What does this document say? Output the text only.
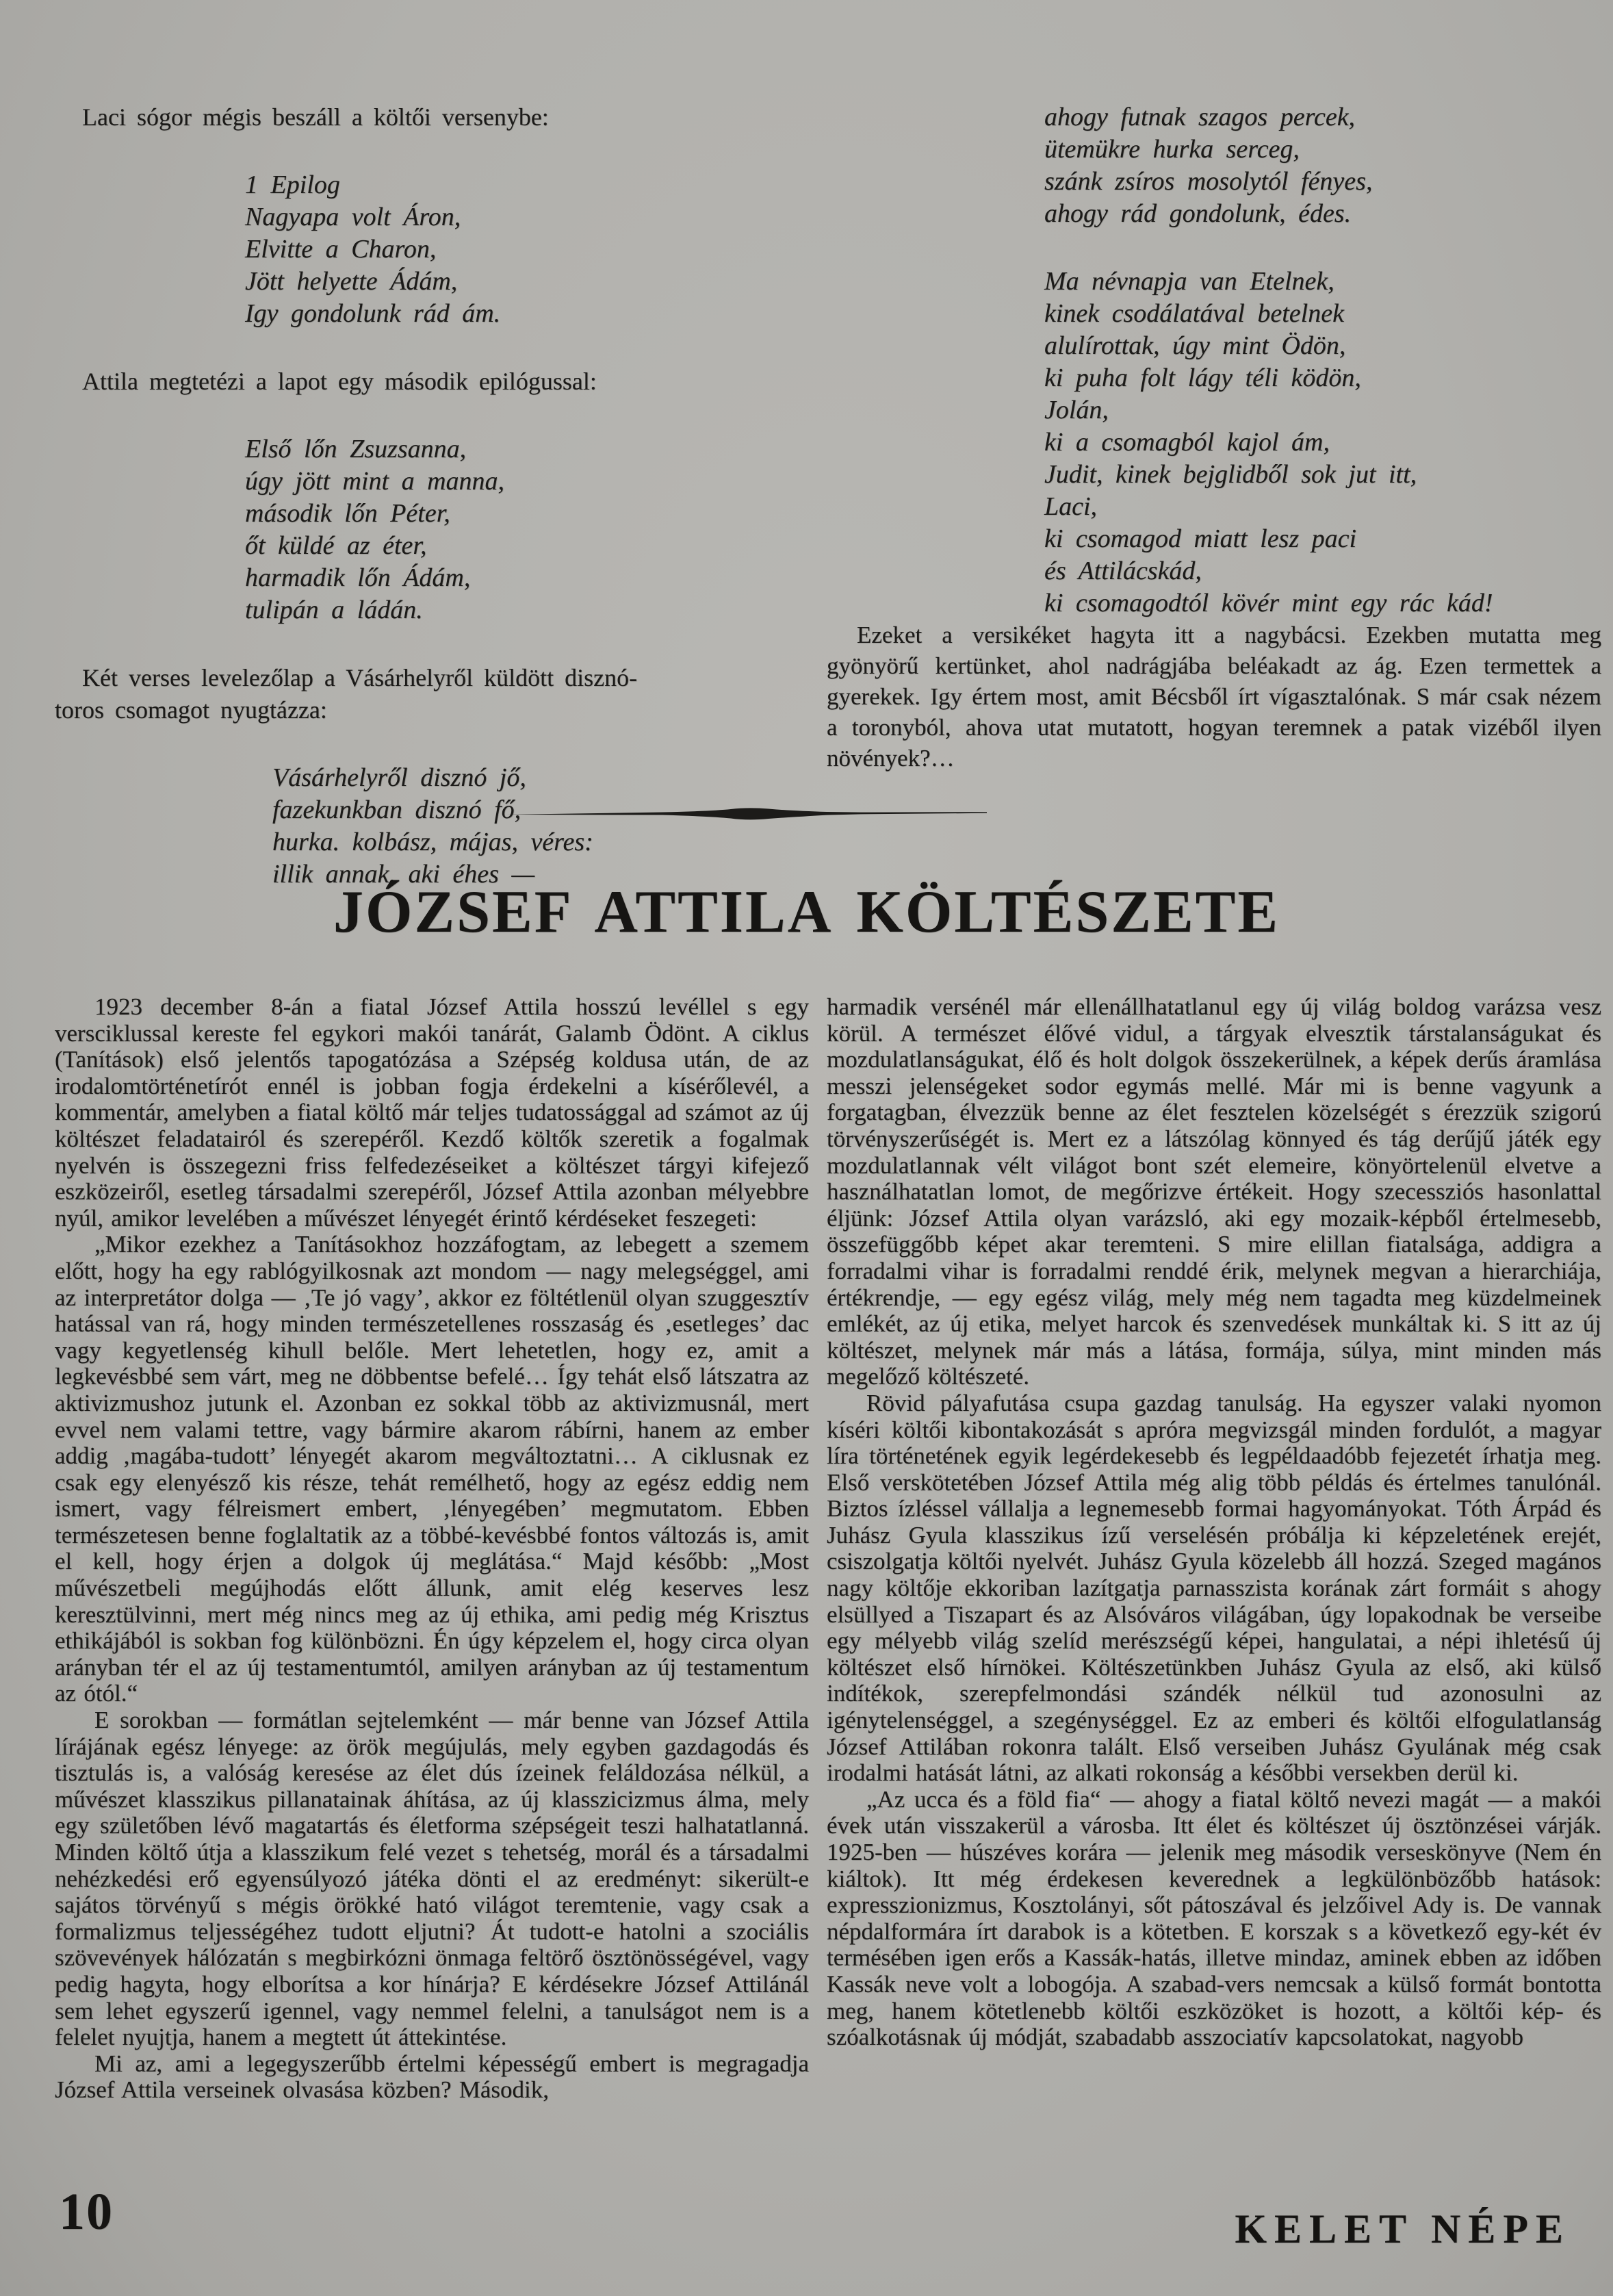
Laci sógor mégis beszáll a költői versenybe:

1 Epilog
Nagyapa volt Áron,
Elvitte a Charon,
Jött helyette Ádám,
Igy gondolunk rád ám.

Attila megtetézi a lapot egy második epilógussal:

Első lőn Zsuzsanna,
úgy jött mint a manna,
második lőn Péter,
őt küldé az éter,
harmadik lőn Ádám,
tulipán a ládán.

Két verses levelezőlap a Vásárhelyről küldött disznó-

toros csomagot nyugtázza:

Vásárhelyről disznó jő,
fazekunkban disznó fő,
hurka. kolbász, májas, véres:
illik annak, aki éhes —
ahogy futnak szagos percek,
ütemükre hurka serceg,
szánk zsíros mosolytól fényes,
ahogy rád gondolunk, édes.
Ma névnapja van Etelnek,
kinek csodálatával betelnek
alulírottak, úgy mint Ödön,
ki puha folt lágy téli ködön,
Jolán,
ki a csomagból kajol ám,
Judit, kinek bejglidből sok jut itt,
Laci,
ki csomagod miatt lesz paci
és Attilácskád,
ki csomagodtól kövér mint egy rác kád!

Ezeket a versikéket hagyta itt a nagybácsi. Ezekben mutatta meg gyönyörű kertünket, ahol nadrágjába beléakadt az ág. Ezen termettek a gyerekek. Igy értem most, amit Bécsből írt vígasztalónak. S már csak nézem a toronyból, ahova utat mutatott, hogyan teremnek a patak vizéből ilyen növények?…

JÓZSEF ATTILA KÖLTÉSZETE

1923 december 8-án a fiatal József Attila hosszú levéllel s egy versciklussal kereste fel egykori makói tanárát, Galamb Ödönt. A ciklus (Tanítások) első jelentős tapogatózása a Szépség koldusa után, de az irodalomtörténetírót ennél is jobban fogja érdekelni a kísérőlevél, a kommentár, amelyben a fiatal költő már teljes tudatossággal ad számot az új költészet feladatairól és szerepéről. Kezdő költők szeretik a fogalmak nyelvén is összegezni friss felfedezéseiket a költészet tárgyi kifejező eszközeiről, esetleg társadalmi szerepéről, József Attila azonban mélyebbre nyúl, amikor levelében a művészet lényegét érintő kérdéseket feszegeti:

„Mikor ezekhez a Tanításokhoz hozzáfogtam, az lebegett a szemem előtt, hogy ha egy rablógyilkosnak azt mondom — nagy melegséggel, ami az interpretátor dolga — ‚Te jó vagy’, akkor ez föltétlenül olyan szuggesztív hatással van rá, hogy minden természetellenes rosszaság és ‚esetleges’ dac vagy kegyetlenség kihull belőle. Mert lehetetlen, hogy ez, amit a legkevésbbé sem várt, meg ne döbbentse befelé… Így tehát első látszatra az aktivizmushoz jutunk el. Azonban ez sokkal több az aktivizmusnál, mert evvel nem valami tettre, vagy bármire akarom rábírni, hanem az ember addig ‚magába-tudott’ lényegét akarom megváltoztatni… A ciklusnak ez csak egy elenyésző kis része, tehát remélhető, hogy az egész eddig nem ismert, vagy félreismert embert, ‚lényegében’ megmutatom. Ebben természetesen benne foglaltatik az a többé-kevésbbé fontos változás is, amit el kell, hogy érjen a dolgok új meglátása.“ Majd később: „Most művészetbeli megújhodás előtt állunk, amit elég keserves lesz keresztülvinni, mert még nincs meg az új ethika, ami pedig még Krisztus ethikájából is sokban fog különbözni. Én úgy képzelem el, hogy circa olyan arányban tér el az új testamentumtól, amilyen arányban az új testamentum az ótól.“

E sorokban — formátlan sejtelemként — már benne van József Attila lírájának egész lényege: az örök megújulás, mely egyben gazdagodás és tisztulás is, a valóság keresése az élet dús ízeinek feláldozása nélkül, a művészet klasszikus pillanatainak áhítása, az új klasszicizmus álma, mely egy születőben lévő magatartás és életforma szépségeit teszi halhatatlanná. Minden költő útja a klasszikum felé vezet s tehetség, morál és a társadalmi nehézkedési erő egyensúlyozó játéka dönti el az eredményt: sikerült-e sajátos törvényű s mégis örökké ható világot teremtenie, vagy csak a formalizmus teljességéhez tudott eljutni? Át tudott-e hatolni a szociális szövevények hálózatán s megbirkózni önmaga feltörő ösztönösségével, vagy pedig hagyta, hogy elborítsa a kor hínárja? E kérdésekre József Attilánál sem lehet egyszerű igennel, vagy nemmel felelni, a tanulságot nem is a felelet nyujtja, hanem a megtett út áttekintése.

Mi az, ami a legegyszerűbb értelmi képességű embert is megragadja József Attila verseinek olvasása közben? Második,

harmadik versénél már ellenállhatatlanul egy új világ boldog varázsa vesz körül. A természet élővé vidul, a tárgyak elvesztik társtalanságukat és mozdulatlanságukat, élő és holt dolgok összekerülnek, a képek derűs áramlása messzi jelenségeket sodor egymás mellé. Már mi is benne vagyunk a forgatagban, élvezzük benne az élet fesztelen közelségét s érezzük szigorú törvényszerűségét is. Mert ez a látszólag könnyed és tág derűjű játék egy mozdulatlannak vélt világot bont szét elemeire, könyörtelenül elvetve a használhatatlan lomot, de megőrizve értékeit. Hogy szecessziós hasonlattal éljünk: József Attila olyan varázsló, aki egy mozaik-képből értelmesebb, összefüggőbb képet akar teremteni. S mire elillan fiatalsága, addigra a forradalmi vihar is forradalmi renddé érik, melynek megvan a hierarchiája, értékrendje, — egy egész világ, mely még nem tagadta meg küzdelmeinek emlékét, az új etika, melyet harcok és szenvedések munkáltak ki. S itt az új költészet, melynek már más a látása, formája, súlya, mint minden más megelőző költészeté.

Rövid pályafutása csupa gazdag tanulság. Ha egyszer valaki nyomon kíséri költői kibontakozását s apróra megvizsgál minden fordulót, a magyar líra történetének egyik legérdekesebb és legpéldaadóbb fejezetét írhatja meg. Első verskötetében József Attila még alig több példás és értelmes tanulónál. Biztos ízléssel vállalja a legnemesebb formai hagyományokat. Tóth Árpád és Juhász Gyula klasszikus ízű verselésén próbálja ki képzeletének erejét, csiszolgatja költői nyelvét. Juhász Gyula közelebb áll hozzá. Szeged magános nagy költője ekkoriban lazítgatja parnasszista korának zárt formáit s ahogy elsüllyed a Tiszapart és az Alsóváros világában, úgy lopakodnak be verseibe egy mélyebb világ szelíd merészségű képei, hangulatai, a népi ihletésű új költészet első hírnökei. Költészetünkben Juhász Gyula az első, aki külső indítékok, szerepfelmondási szándék nélkül tud azonosulni az igénytelenséggel, a szegénységgel. Ez az emberi és költői elfogulatlanság József Attilában rokonra talált. Első verseiben Juhász Gyulának még csak irodalmi hatását látni, az alkati rokonság a későbbi versekben derül ki.

„Az ucca és a föld fia“ — ahogy a fiatal költő nevezi magát — a makói évek után visszakerül a városba. Itt élet és költészet új ösztönzései várják. 1925-ben — húszéves korára — jelenik meg második verseskönyve (Nem én kiáltok). Itt még érdekesen keverednek a legkülönbözőbb hatások: expresszionizmus, Kosztolányi, sőt pátoszával és jelzőivel Ady is. De vannak népdalformára írt darabok is a kötetben. E korszak s a következő egy-két év termésében igen erős a Kassák-hatás, illetve mindaz, aminek ebben az időben Kassák neve volt a lobogója. A szabad-vers nemcsak a külső formát bontotta meg, hanem kötetlenebb költői eszközöket is hozott, a költői kép- és szóalkotásnak új módját, szabadabb asszociatív kapcsolatokat, nagyobb

10	KELET NÉPE
